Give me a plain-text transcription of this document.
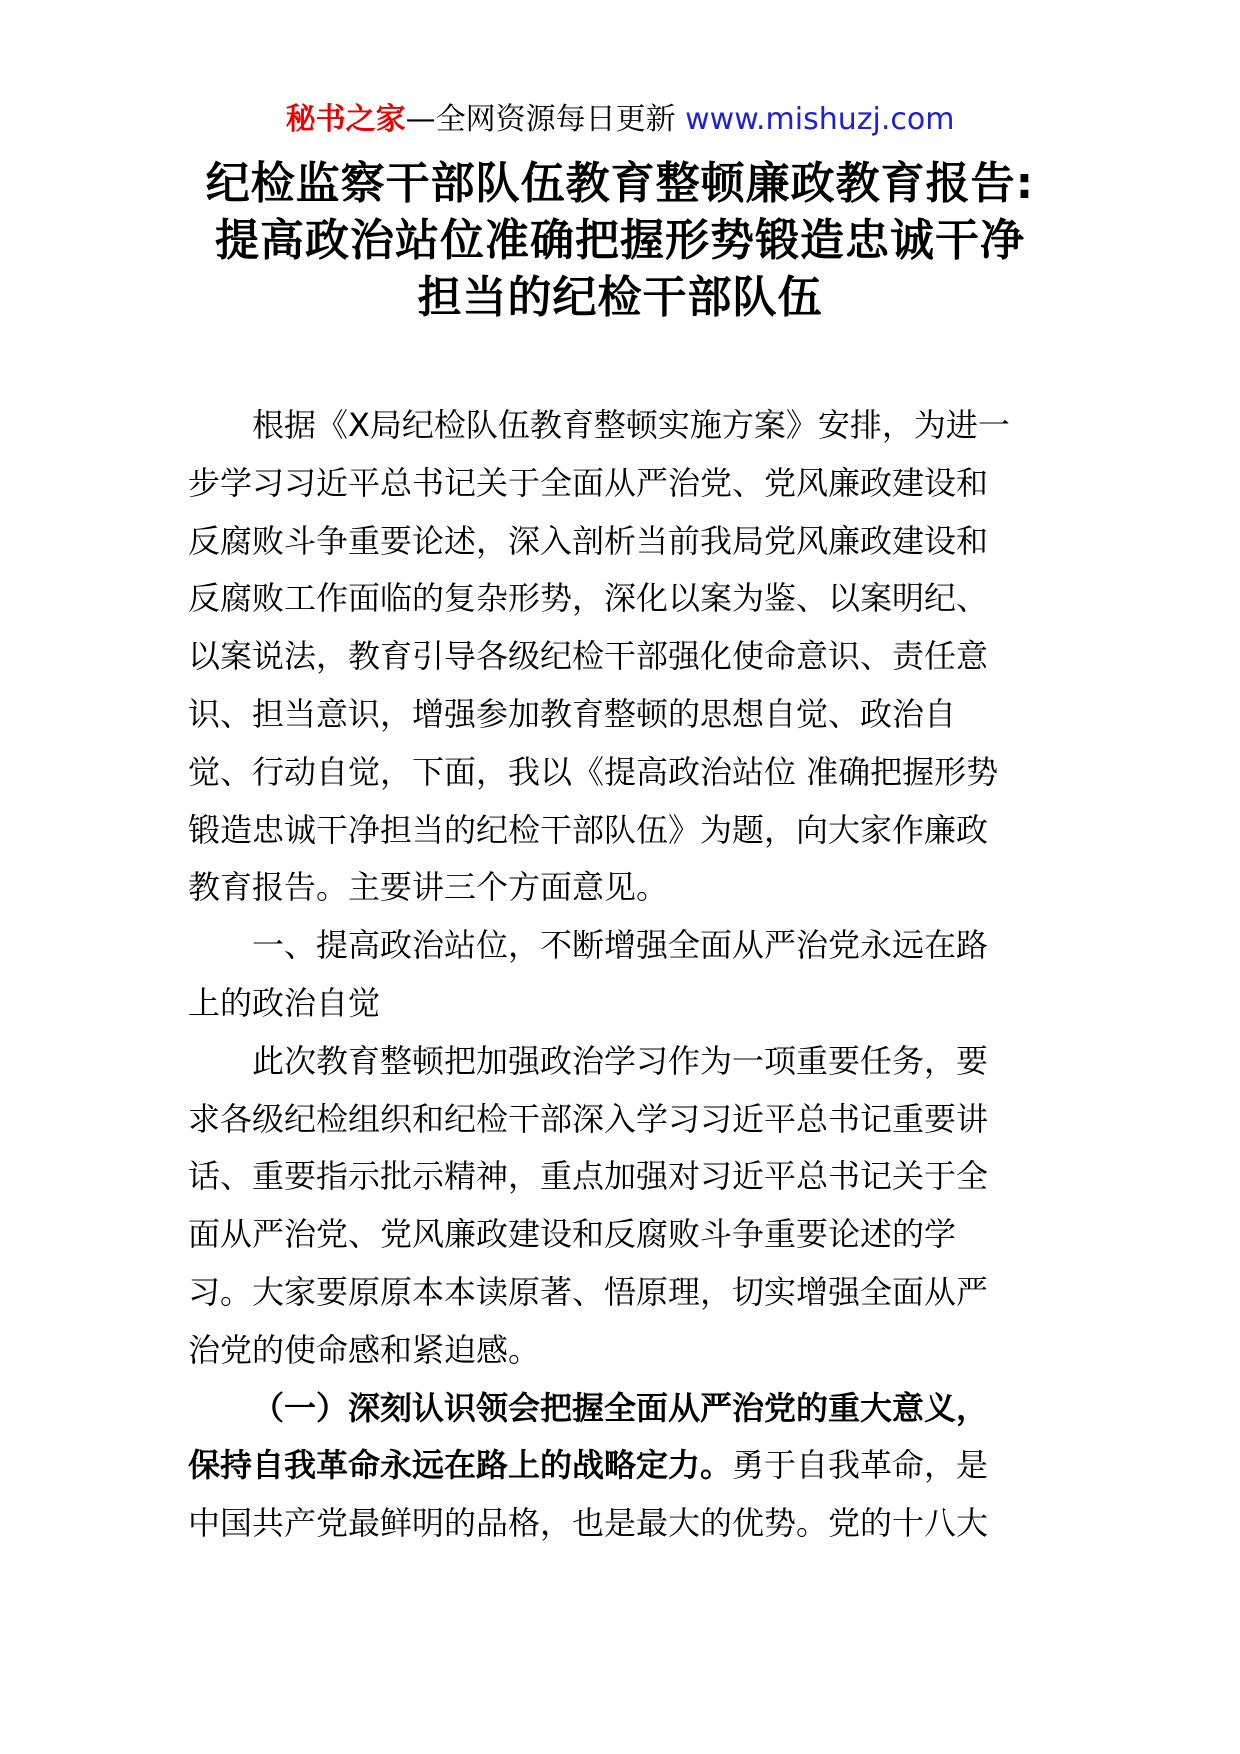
秘书之家—全网资源每日更新 www.mishuzj.com
纪检监察干部队伍教育整顿廉政教育报告:
提高政治站位准确把握形势锻造忠诚干净
担当的纪检干部队伍
根据《X局纪检队伍教育整顿实施方案》安排，为进一
步学习习近平总书记关于全面从严治党、党风廉政建设和
反腐败斗争重要论述，深入剖析当前我局党风廉政建设和
反腐败工作面临的复杂形势，深化以案为鉴、以案明纪、
以案说法，教育引导各级纪检干部强化使命意识、责任意
识、担当意识，增强参加教育整顿的思想自觉、政治自
觉、行动自觉，下面，我以《提高政治站位 准确把握形势
锻造忠诚干净担当的纪检干部队伍》为题，向大家作廉政
教育报告。主要讲三个方面意见。
一、提高政治站位，不断增强全面从严治党永远在路
上的政治自觉
此次教育整顿把加强政治学习作为一项重要任务，要
求各级纪检组织和纪检干部深入学习习近平总书记重要讲
话、重要指示批示精神，重点加强对习近平总书记关于全
面从严治党、党风廉政建设和反腐败斗争重要论述的学
习。大家要原原本本读原著、悟原理，切实增强全面从严
治党的使命感和紧迫感。
（一）深刻认识领会把握全面从严治党的重大意义，
保持自我革命永远在路上的战略定力。勇于自我革命，是
中国共产党最鲜明的品格，也是最大的优势。党的十八大
